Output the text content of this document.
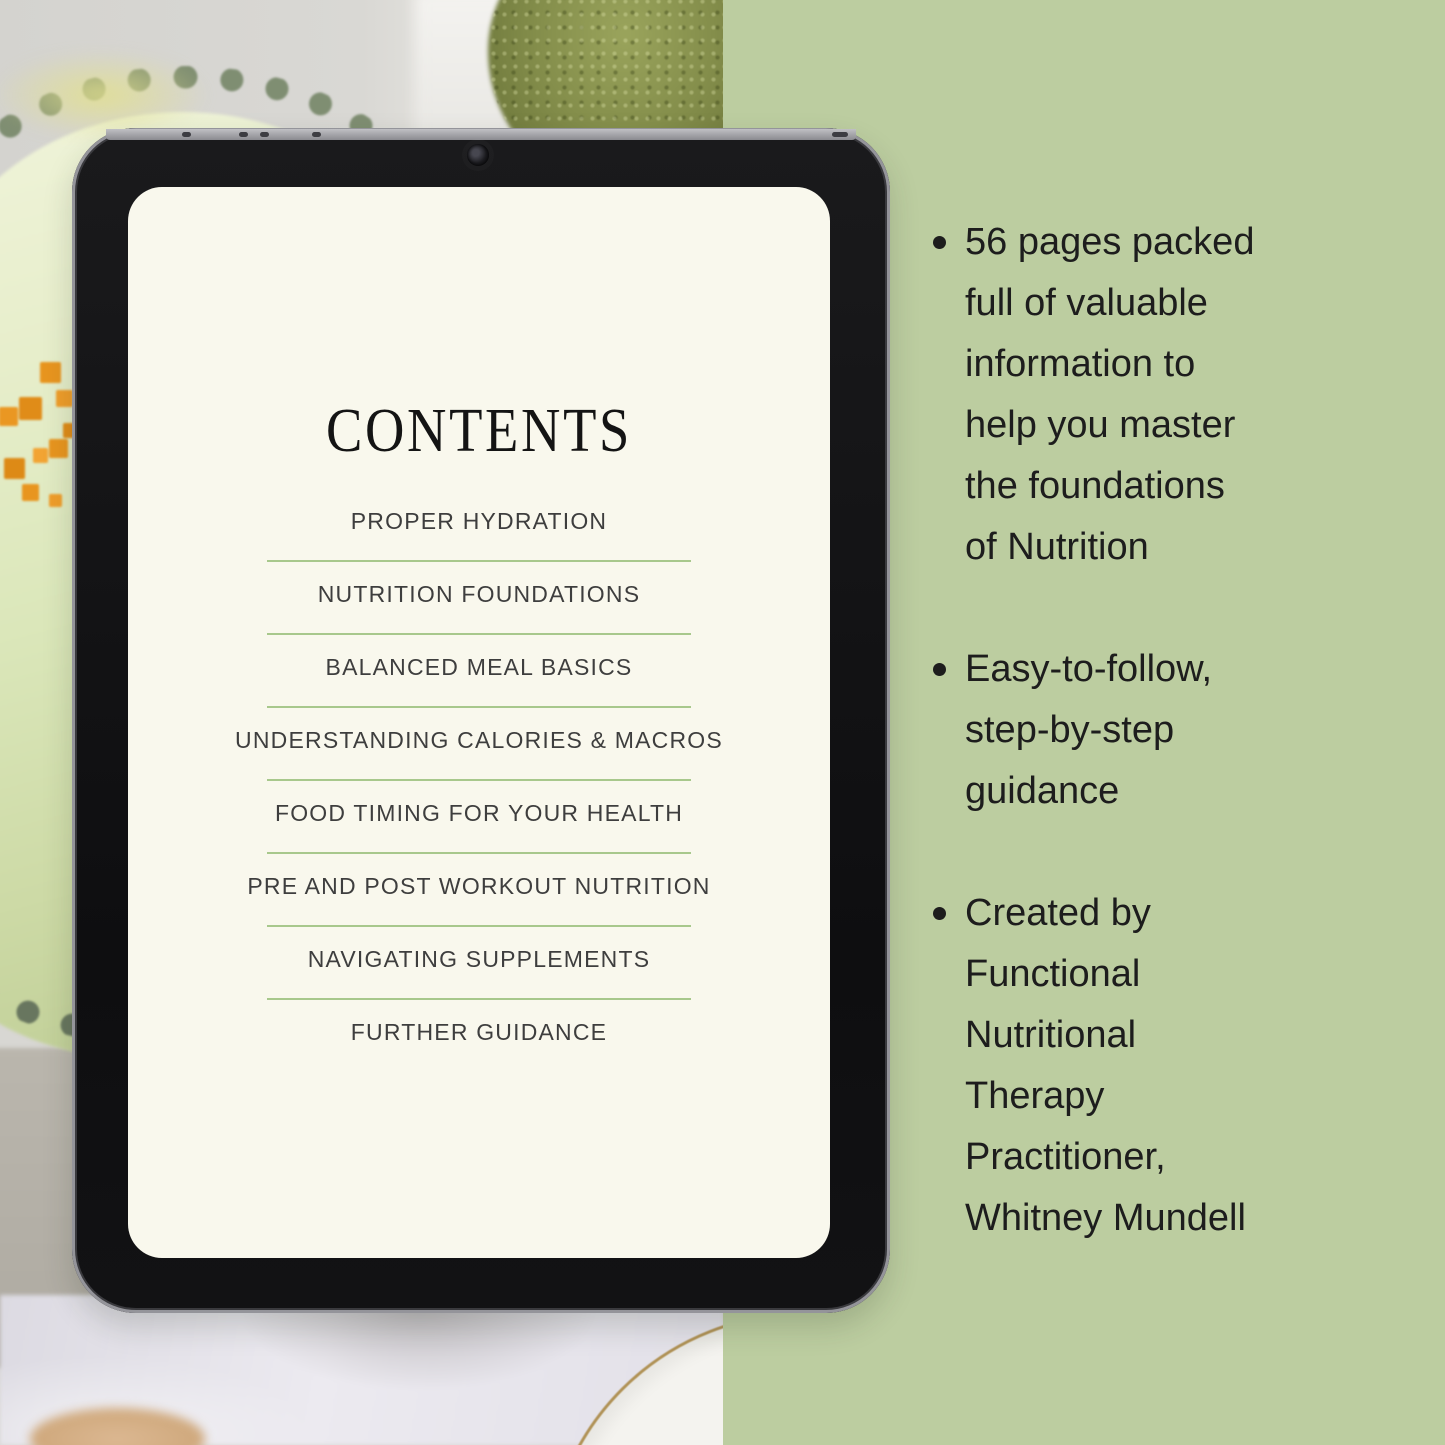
56 pages packed full of valuable information to help you master the foundations of Nutrition
Easy-to-follow, step-by-step guidance
Created by Functional Nutritional Therapy Practitioner, Whitney Mundell
CONTENTS

PROPER HYDRATION

NUTRITION FOUNDATIONS

BALANCED MEAL BASICS

UNDERSTANDING CALORIES & MACROS

FOOD TIMING FOR YOUR HEALTH

PRE AND POST WORKOUT NUTRITION

NAVIGATING SUPPLEMENTS

FURTHER GUIDANCE
